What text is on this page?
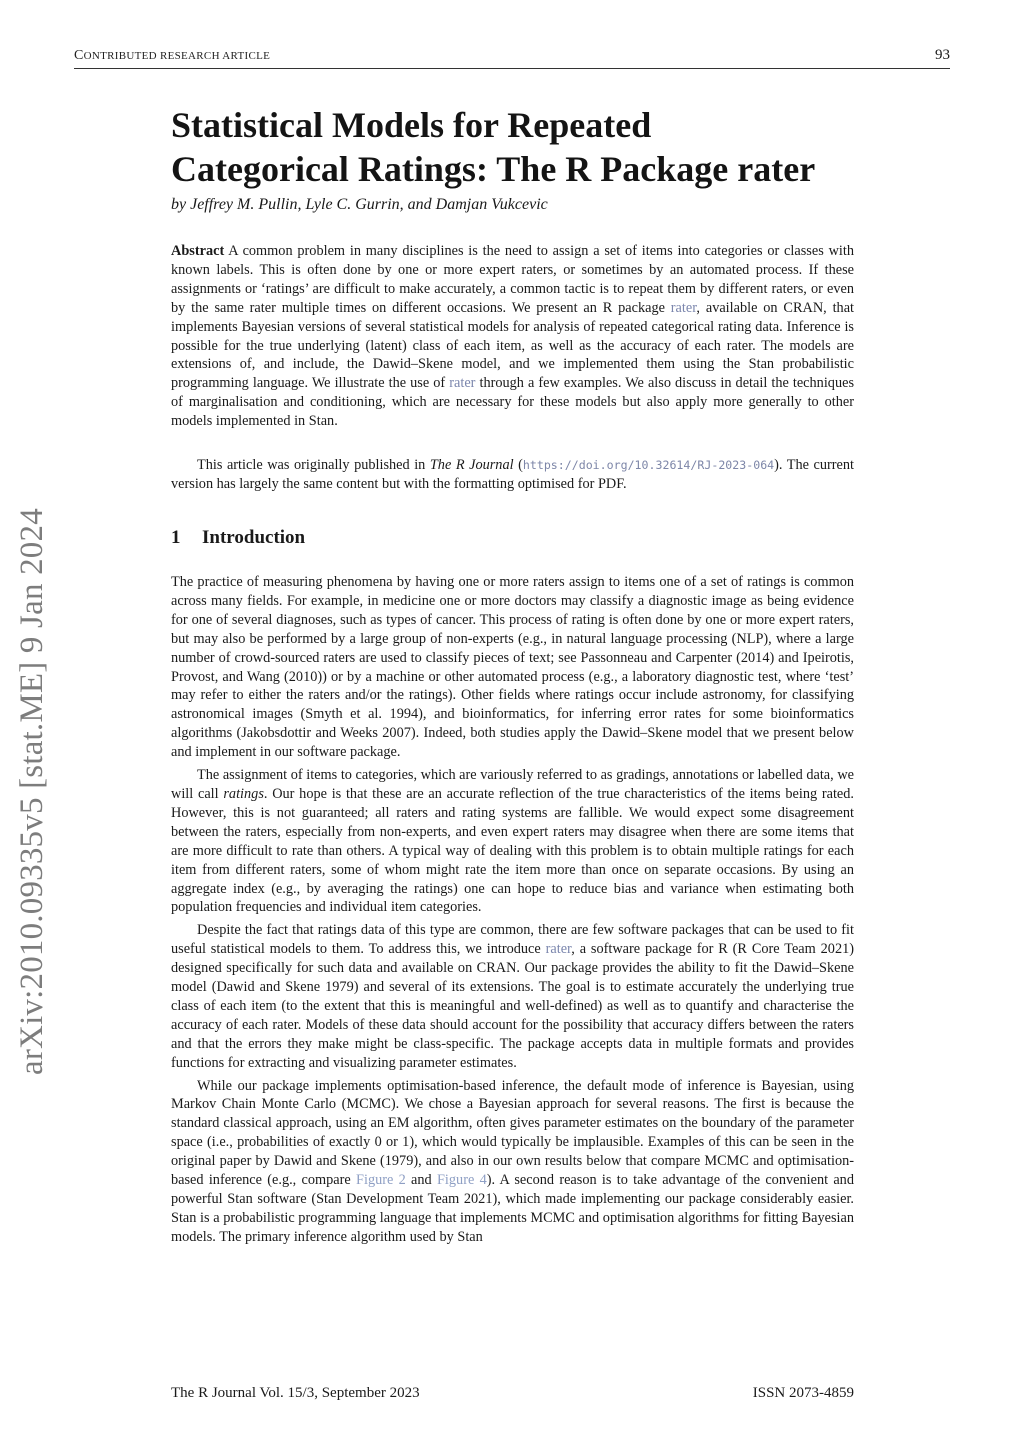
CONTRIBUTED RESEARCH ARTICLE	93
arXiv:2010.09335v5 [stat.ME] 9 Jan 2024
Statistical Models for Repeated
Categorical Ratings: The R Package rater
by Jeffrey M. Pullin, Lyle C. Gurrin, and Damjan Vukcevic

Abstract A common problem in many disciplines is the need to assign a set of items into categories or classes with known labels. This is often done by one or more expert raters, or sometimes by an automated process. If these assignments or ‘ratings’ are difficult to make accurately, a common tactic is to repeat them by different raters, or even by the same rater multiple times on different occasions. We present an R package rater, available on CRAN, that implements Bayesian versions of several statistical models for analysis of repeated categorical rating data. Inference is possible for the true underlying (latent) class of each item, as well as the accuracy of each rater. The models are extensions of, and include, the Dawid–Skene model, and we implemented them using the Stan probabilistic programming language. We illustrate the use of rater through a few examples. We also discuss in detail the techniques of marginalisation and conditioning, which are necessary for these models but also apply more generally to other models implemented in Stan.

This article was originally published in The R Journal (https://doi.org/10.32614/RJ-2023-064). The current version has largely the same content but with the formatting optimised for PDF.

1 Introduction

The practice of measuring phenomena by having one or more raters assign to items one of a set of ratings is common across many fields. For example, in medicine one or more doctors may classify a diagnostic image as being evidence for one of several diagnoses, such as types of cancer. This process of rating is often done by one or more expert raters, but may also be performed by a large group of non-experts (e.g., in natural language processing (NLP), where a large number of crowd-sourced raters are used to classify pieces of text; see Passonneau and Carpenter (2014) and Ipeirotis, Provost, and Wang (2010)) or by a machine or other automated process (e.g., a laboratory diagnostic test, where ‘test’ may refer to either the raters and/or the ratings). Other fields where ratings occur include astronomy, for classifying astronomical images (Smyth et al. 1994), and bioinformatics, for inferring error rates for some bioinformatics algorithms (Jakobsdottir and Weeks 2007). Indeed, both studies apply the Dawid–Skene model that we present below and implement in our software package.

The assignment of items to categories, which are variously referred to as gradings, annotations or labelled data, we will call ratings. Our hope is that these are an accurate reflection of the true characteristics of the items being rated. However, this is not guaranteed; all raters and rating systems are fallible. We would expect some disagreement between the raters, especially from non-experts, and even expert raters may disagree when there are some items that are more difficult to rate than others. A typical way of dealing with this problem is to obtain multiple ratings for each item from different raters, some of whom might rate the item more than once on separate occasions. By using an aggregate index (e.g., by averaging the ratings) one can hope to reduce bias and variance when estimating both population frequencies and individual item categories.

Despite the fact that ratings data of this type are common, there are few software packages that can be used to fit useful statistical models to them. To address this, we introduce rater, a software package for R (R Core Team 2021) designed specifically for such data and available on CRAN. Our package provides the ability to fit the Dawid–Skene model (Dawid and Skene 1979) and several of its extensions. The goal is to estimate accurately the underlying true class of each item (to the extent that this is meaningful and well-defined) as well as to quantify and characterise the accuracy of each rater. Models of these data should account for the possibility that accuracy differs between the raters and that the errors they make might be class-specific. The package accepts data in multiple formats and provides functions for extracting and visualizing parameter estimates.

While our package implements optimisation-based inference, the default mode of inference is Bayesian, using Markov Chain Monte Carlo (MCMC). We chose a Bayesian approach for several reasons. The first is because the standard classical approach, using an EM algorithm, often gives parameter estimates on the boundary of the parameter space (i.e., probabilities of exactly 0 or 1), which would typically be implausible. Examples of this can be seen in the original paper by Dawid and Skene (1979), and also in our own results below that compare MCMC and optimisation-based inference (e.g., compare Figure 2 and Figure 4). A second reason is to take advantage of the convenient and powerful Stan software (Stan Development Team 2021), which made implementing our package considerably easier. Stan is a probabilistic programming language that implements MCMC and optimisation algorithms for fitting Bayesian models. The primary inference algorithm used by Stan

The R Journal Vol. 15/3, September 2023	ISSN 2073-4859
